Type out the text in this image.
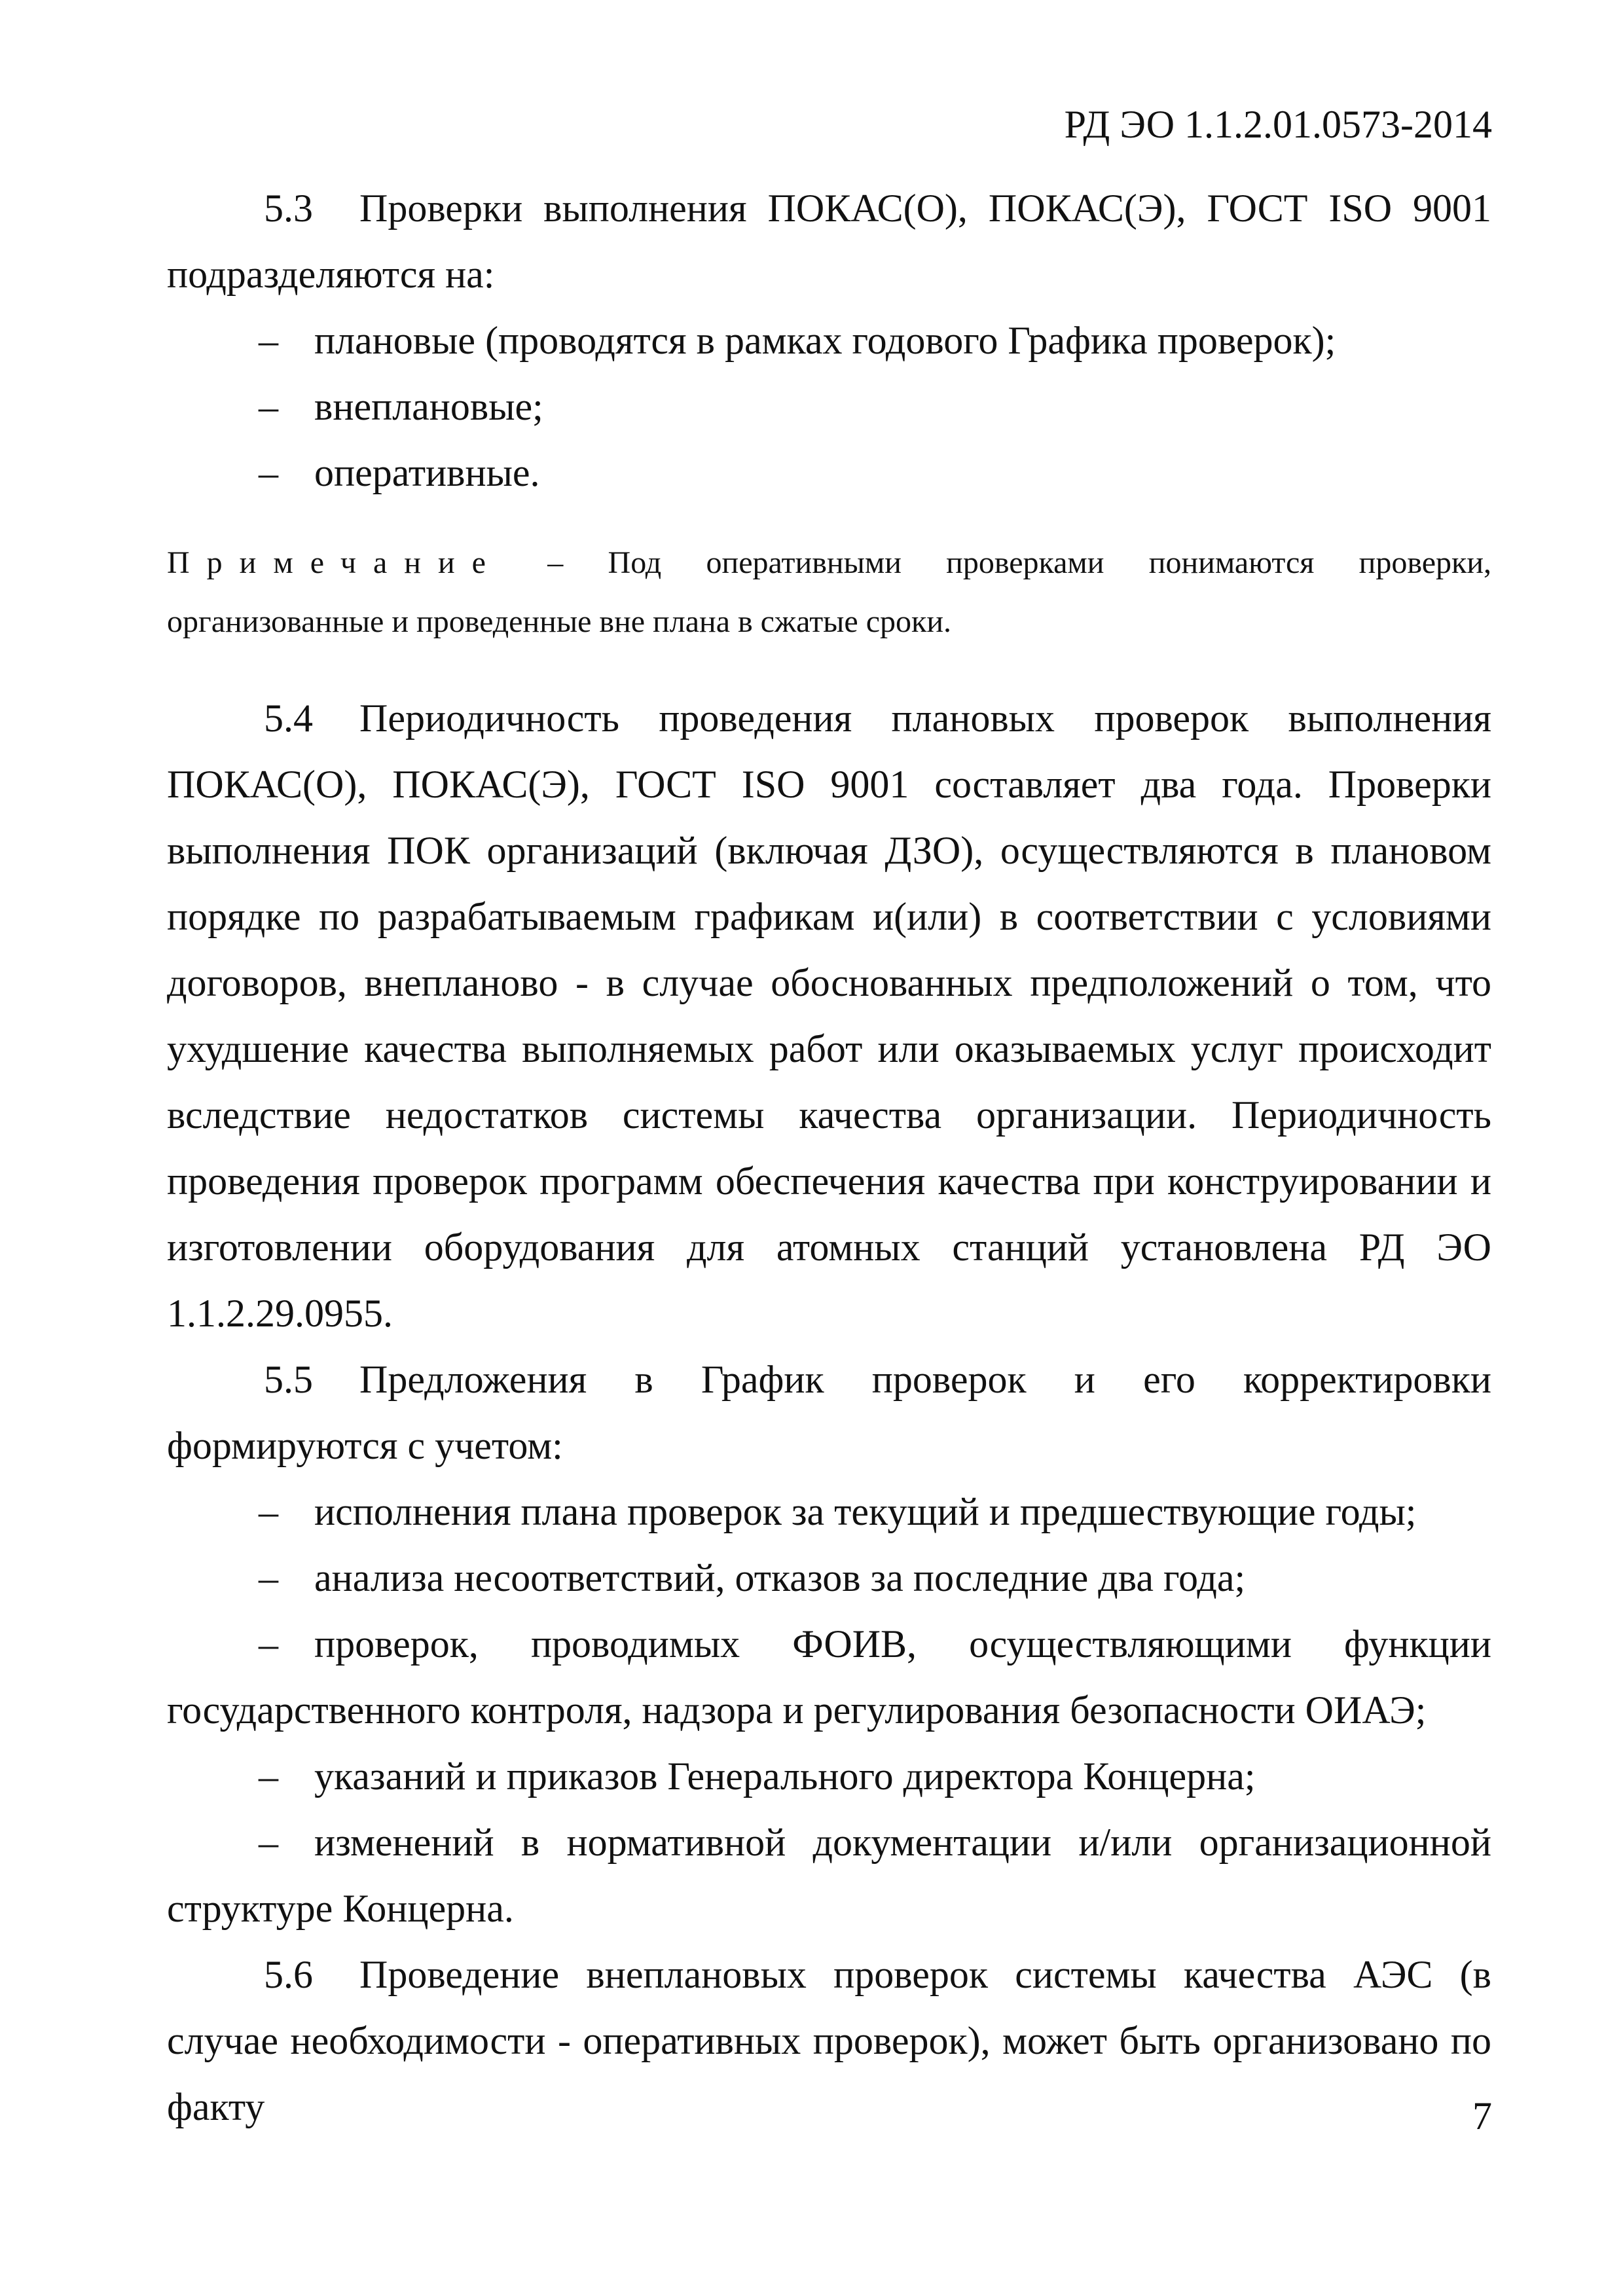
РД ЭО 1.1.2.01.0573-2014

5.3 Проверки выполнения ПОКАС(О), ПОКАС(Э), ГОСТ ISO 9001 подразделяются на:

– плановые (проводятся в рамках годового Графика проверок);

– внеплановые;

– оперативные.

Примечание – Под оперативными проверками понимаются проверки, организованные и проведенные вне плана в сжатые сроки.

5.4 Периодичность проведения плановых проверок выполнения ПОКАС(О), ПОКАС(Э), ГОСТ ISO 9001 составляет два года. Проверки выполнения ПОК организаций (включая ДЗО), осуществляются в плановом порядке по разрабатываемым графикам и(или) в соответствии с условиями договоров, внепланово - в случае обоснованных предположений о том, что ухудшение качества выполняемых работ или оказываемых услуг происходит вследствие недостатков системы качества организации. Периодичность проведения проверок программ обеспечения качества при конструировании и изготовлении оборудования для атомных станций установлена РД ЭО 1.1.2.29.0955.

5.5 Предложения в График проверок и его корректировки формируются с учетом:

– исполнения плана проверок за текущий и предшествующие годы;

– анализа несоответствий, отказов за последние два года;

– проверок, проводимых ФОИВ, осуществляющими функции государственного контроля, надзора и регулирования безопасности ОИАЭ;

– указаний и приказов Генерального директора Концерна;

– изменений в нормативной документации и/или организационной структуре Концерна.

5.6 Проведение внеплановых проверок системы качества АЭС (в случае необходимости - оперативных проверок), может быть организовано по факту	7
